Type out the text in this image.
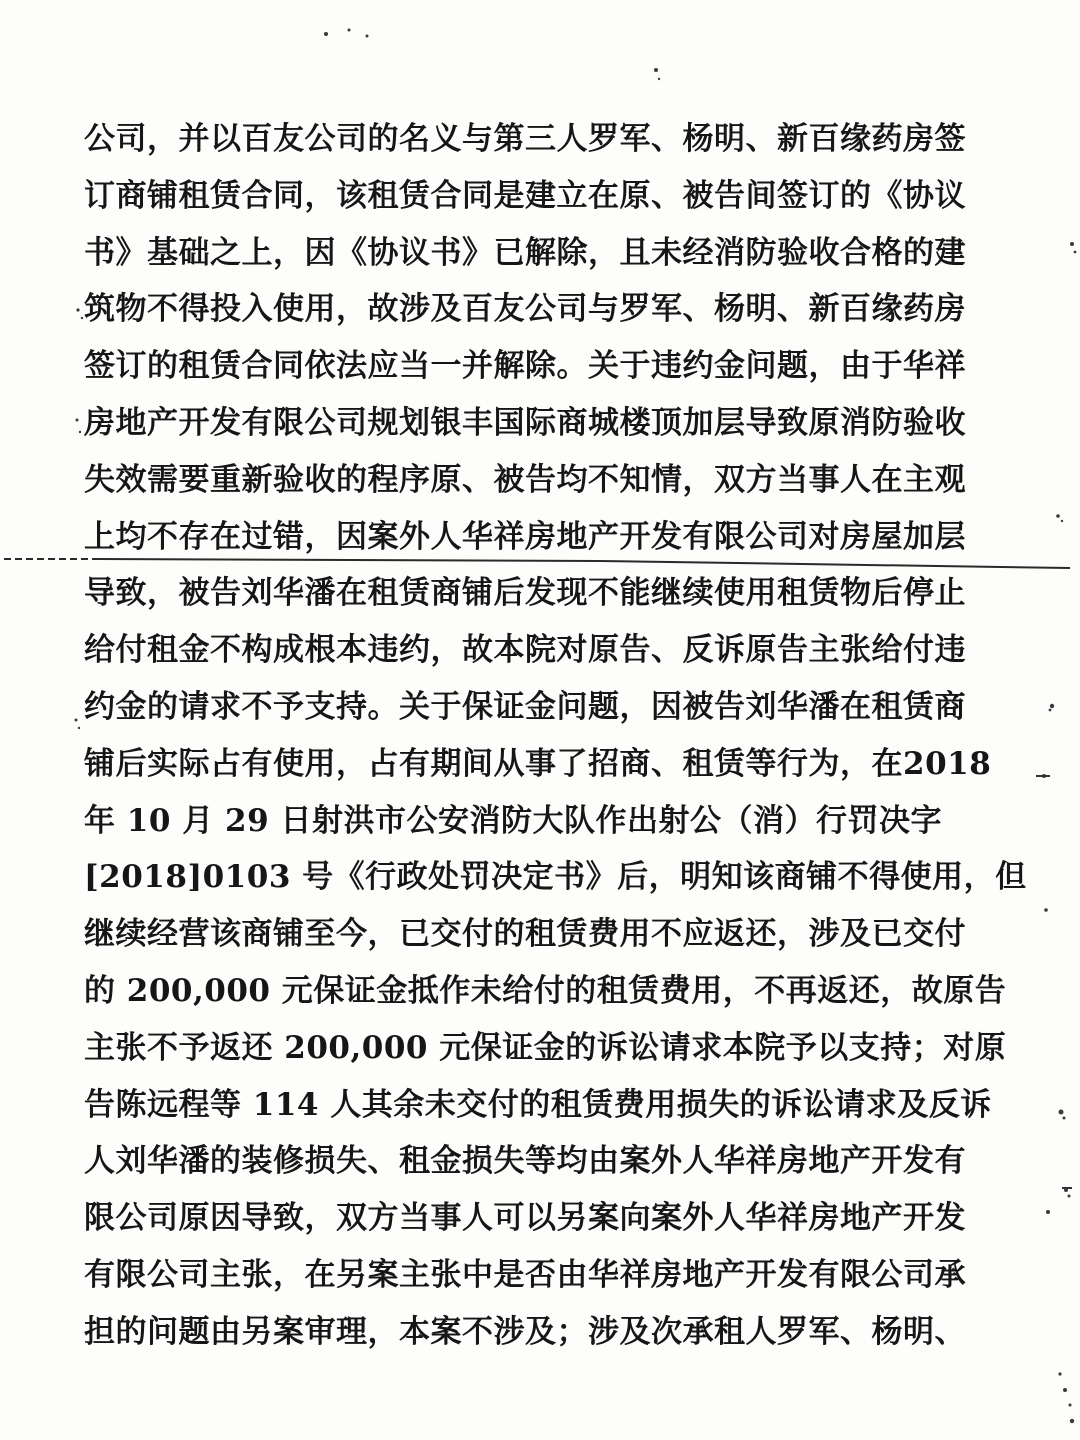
公司，并以百友公司的名义与第三人罗军、杨明、新百缘药房签
订商铺租赁合同，该租赁合同是建立在原、被告间签订的《协议
书》基础之上，因《协议书》已解除，且未经消防验收合格的建
筑物不得投入使用，故涉及百友公司与罗军、杨明、新百缘药房
签订的租赁合同依法应当一并解除。关于违约金问题，由于华祥
房地产开发有限公司规划银丰国际商城楼顶加层导致原消防验收
失效需要重新验收的程序原、被告均不知情，双方当事人在主观
上均不存在过错，因案外人华祥房地产开发有限公司对房屋加层
导致，被告刘华潘在租赁商铺后发现不能继续使用租赁物后停止
给付租金不构成根本违约，故本院对原告、反诉原告主张给付违
约金的请求不予支持。关于保证金问题，因被告刘华潘在租赁商
铺后实际占有使用，占有期间从事了招商、租赁等行为，在2018
年 10 月 29 日射洪市公安消防大队作出射公（消）行罚决字
[2018]0103 号《行政处罚决定书》后，明知该商铺不得使用，但
继续经营该商铺至今，已交付的租赁费用不应返还，涉及已交付
的 200,000 元保证金抵作未给付的租赁费用，不再返还，故原告
主张不予返还 200,000 元保证金的诉讼请求本院予以支持；对原
告陈远程等 114 人其余未交付的租赁费用损失的诉讼请求及反诉
人刘华潘的装修损失、租金损失等均由案外人华祥房地产开发有
限公司原因导致，双方当事人可以另案向案外人华祥房地产开发
有限公司主张，在另案主张中是否由华祥房地产开发有限公司承
担的问题由另案审理，本案不涉及；涉及次承租人罗军、杨明、
